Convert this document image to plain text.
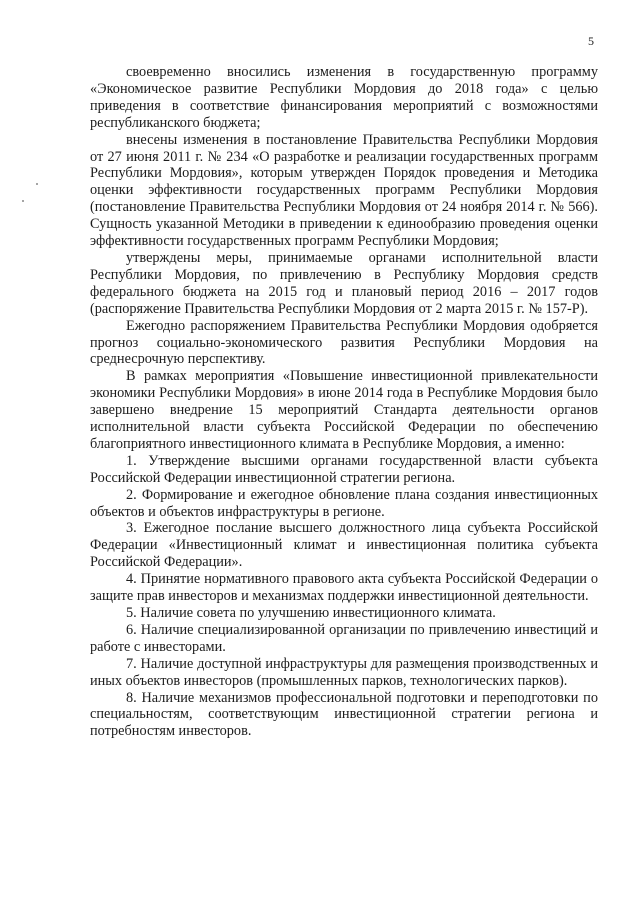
5

своевременно вносились изменения в государственную программу «Экономическое развитие Республики Мордовия до 2018 года» с целью приведения в соответствие финансирования мероприятий с возможностями республиканского бюджета;

внесены изменения в постановление Правительства Республики Мордовия от 27 июня 2011 г. № 234 «О разработке и реализации государственных программ Республики Мордовия», которым утвержден Порядок проведения и Методика оценки эффективности государственных программ Республики Мордовия (постановление Правительства Республики Мордовия от 24 ноября 2014 г. № 566). Сущность указанной Методики в приведении к единообразию проведения оценки эффективности государственных программ Республики Мордовия;

утверждены меры, принимаемые органами исполнительной власти Республики Мордовия, по привлечению в Республику Мордовия средств федерального бюджета на 2015 год и плановый период 2016 – 2017 годов (распоряжение Правительства Республики Мордовия от 2 марта 2015 г. № 157-Р).

Ежегодно распоряжением Правительства Республики Мордовия одобряется прогноз социально-экономического развития Республики Мордовия на среднесрочную перспективу.

В рамках мероприятия «Повышение инвестиционной привлекательности экономики Республики Мордовия» в июне 2014 года в Республике Мордовия было завершено внедрение 15 мероприятий Стандарта деятельности органов исполнительной власти субъекта Российской Федерации по обеспечению благоприятного инвестиционного климата в Республике Мордовия, а именно:

1. Утверждение высшими органами государственной власти субъекта Российской Федерации инвестиционной стратегии региона.

2. Формирование и ежегодное обновление плана создания инвестиционных объектов и объектов инфраструктуры в регионе.

3. Ежегодное послание высшего должностного лица субъекта Российской Федерации «Инвестиционный климат и инвестиционная политика субъекта Российской Федерации».

4. Принятие нормативного правового акта субъекта Российской Федерации о защите прав инвесторов и механизмах поддержки инвестиционной деятельности.

5. Наличие совета по улучшению инвестиционного климата.

6. Наличие специализированной организации по привлечению инвестиций и работе с инвесторами.

7. Наличие доступной инфраструктуры для размещения производственных и иных объектов инвесторов (промышленных парков, технологических парков).

8. Наличие механизмов профессиональной подготовки и переподготовки по специальностям, соответствующим инвестиционной стратегии региона и потребностям инвесторов.
